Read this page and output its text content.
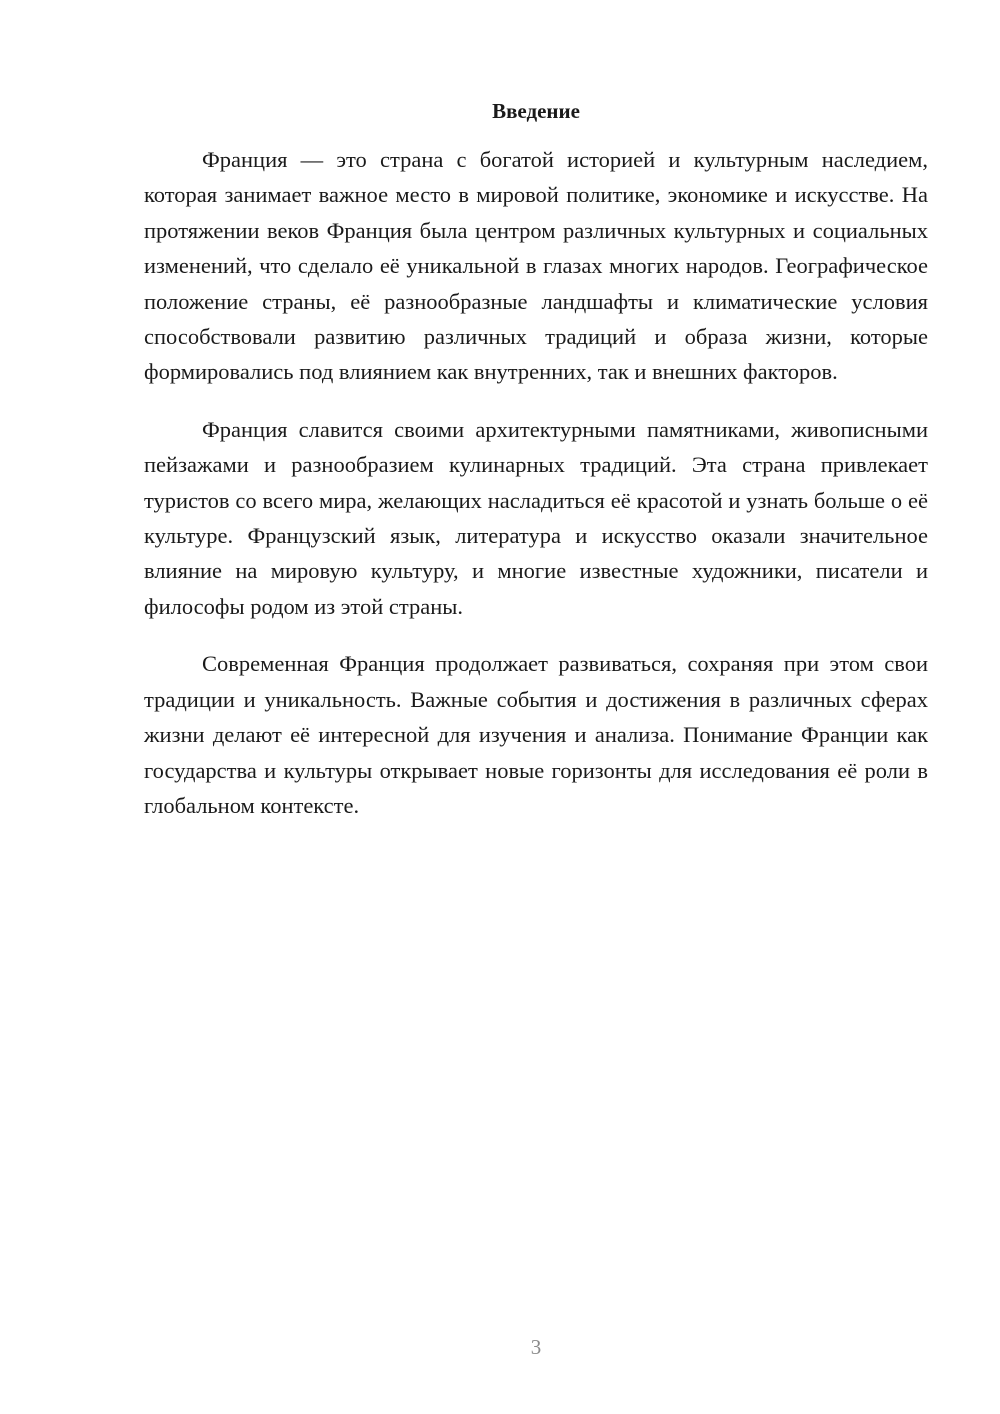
Введение

Франция — это страна с богатой историей и культурным наследием, которая занимает важное место в мировой политике, экономике и искусстве. На протяжении веков Франция была центром различных культурных и социальных изменений, что сделало её уникальной в глазах многих народов. Географическое положение страны, её разнообразные ландшафты и климатические условия способствовали развитию различных традиций и образа жизни, которые формировались под влиянием как внутренних, так и внешних факторов.

Франция славится своими архитектурными памятниками, живописными пейзажами и разнообразием кулинарных традиций. Эта страна привлекает туристов со всего мира, желающих насладиться её красотой и узнать больше о её культуре. Французский язык, литература и искусство оказали значительное влияние на мировую культуру, и многие известные художники, писатели и философы родом из этой страны.

Современная Франция продолжает развиваться, сохраняя при этом свои традиции и уникальность. Важные события и достижения в различных сферах жизни делают её интересной для изучения и анализа. Понимание Франции как государства и культуры открывает новые горизонты для исследования её роли в глобальном контексте.

3
